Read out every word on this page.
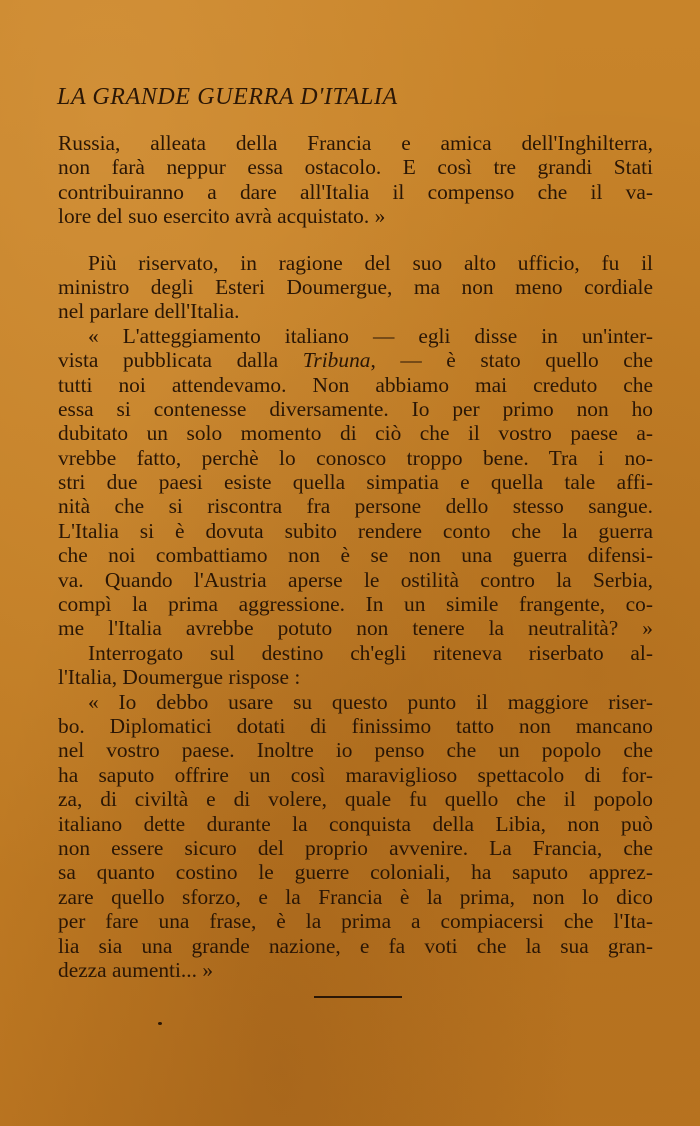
LA GRANDE GUERRA D'ITALIA
Russia, alleata della Francia e amica dell'Inghilterra,
non farà neppur essa ostacolo. E così tre grandi Stati
contribuiranno a dare all'Italia il compenso che il va-
lore del suo esercito avrà acquistato. »
Più riservato, in ragione del suo alto ufficio, fu il
ministro degli Esteri Doumergue, ma non meno cordiale
nel parlare dell'Italia.
« L'atteggiamento italiano — egli disse in un'inter-
vista pubblicata dalla Tribuna, — è stato quello che
tutti noi attendevamo. Non abbiamo mai creduto che
essa si contenesse diversamente. Io per primo non ho
dubitato un solo momento di ciò che il vostro paese a-
vrebbe fatto, perchè lo conosco troppo bene. Tra i no-
stri due paesi esiste quella simpatia e quella tale affi-
nità che si riscontra fra persone dello stesso sangue.
L'Italia si è dovuta subito rendere conto che la guerra
che noi combattiamo non è se non una guerra difensi-
va. Quando l'Austria aperse le ostilità contro la Serbia,
compì la prima aggressione. In un simile frangente, co-
me l'Italia avrebbe potuto non tenere la neutralità? »
Interrogato sul destino ch'egli riteneva riserbato al-
l'Italia, Doumergue rispose :
« Io debbo usare su questo punto il maggiore riser-
bo. Diplomatici dotati di finissimo tatto non mancano
nel vostro paese. Inoltre io penso che un popolo che
ha saputo offrire un così maraviglioso spettacolo di for-
za, di civiltà e di volere, quale fu quello che il popolo
italiano dette durante la conquista della Libia, non può
non essere sicuro del proprio avvenire. La Francia, che
sa quanto costino le guerre coloniali, ha saputo apprez-
zare quello sforzo, e la Francia è la prima, non lo dico
per fare una frase, è la prima a compiacersi che l'Ita-
lia sia una grande nazione, e fa voti che la sua gran-
dezza aumenti... »
